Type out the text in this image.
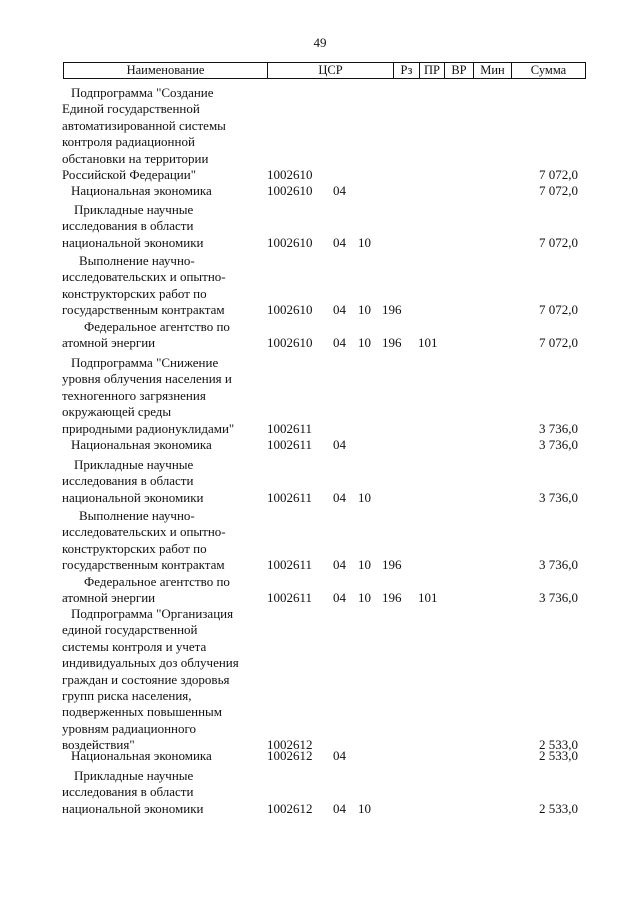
49
Наименование	ЦСР	Рз ПР ВР	Мин	Сумма
Подпрограмма "Создание
Единой государственной
автоматизированной системы
контроля радиационной
обстановки на территории
Российской Федерации"	1002610	7 072,0
Национальная экономика	1002610 04	7 072,0
Прикладные научные
исследования в области
национальной экономики	1002610 04 10	7 072,0
Выполнение научно-
исследовательских и опытно-
конструкторских работ по
государственным контрактам	1002610 04 10 196	7 072,0
Федеральное агентство по
атомной энергии	1002610 04 10 196 101	7 072,0
Подпрограмма "Снижение
уровня облучения населения и
техногенного загрязнения
окружающей среды
природными радионуклидами"	1002611	3 736,0
Национальная экономика	1002611 04	3 736,0
Прикладные научные
исследования в области
национальной экономики	1002611 04 10	3 736,0
Выполнение научно-
исследовательских и опытно-
конструкторских работ по
государственным контрактам	1002611 04 10 196	3 736,0
Федеральное агентство по
атомной энергии	1002611 04 10 196 101	3 736,0
Подпрограмма "Организация
единой государственной
системы контроля и учета
индивидуальных доз облучения
граждан и состояние здоровья
групп риска населения,
подверженных повышенным
уровням радиационного
воздействия"	1002612	2 533,0
Национальная экономика	1002612 04	2 533,0
Прикладные научные
исследования в области
национальной экономики	1002612 04 10	2 533,0
